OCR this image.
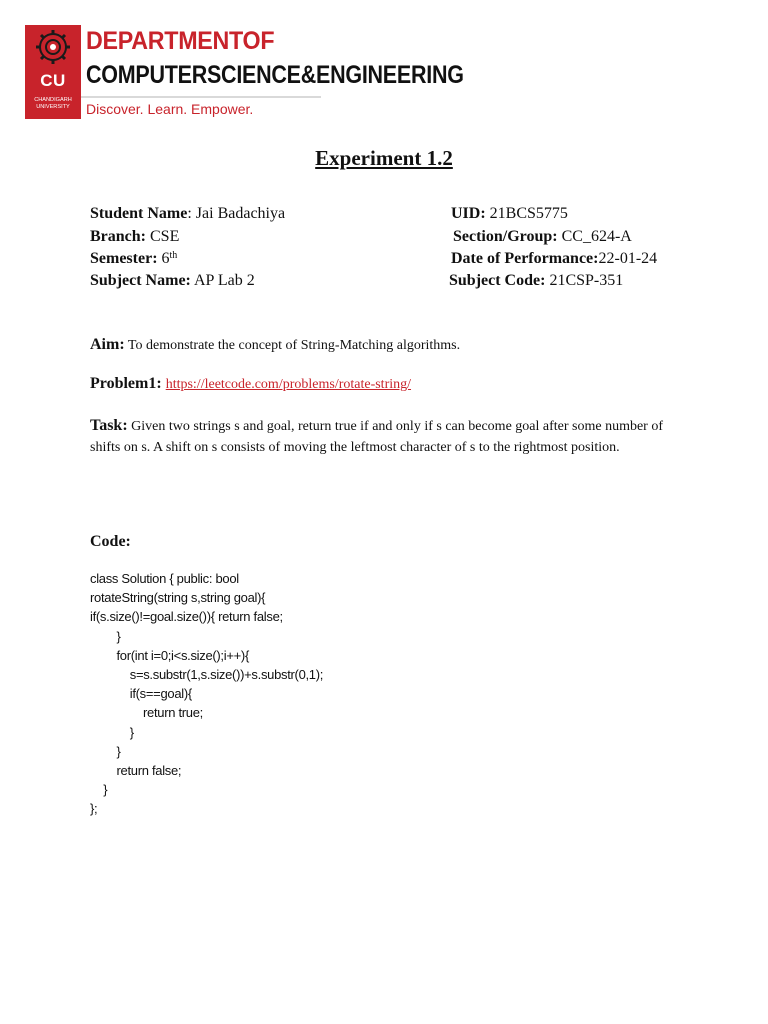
CU
CHANDIGARH UNIVERSITY
DEPARTMENTOF
COMPUTERSCIENCE&ENGINEERING
Discover. Learn. Empower.
Experiment 1.2
Student Name: Jai Badachiya	UID: 21BCS5775
Branch: CSE	Section/Group: CC_624-A
Semester: 6th	Date of Performance:22-01-24
Subject Name: AP Lab 2	Subject Code: 21CSP-351
Aim: To demonstrate the concept of String-Matching algorithms.
Problem1: https://leetcode.com/problems/rotate-string/
Task: Given two strings s and goal, return true if and only if s can become goal after some number of shifts on s. A shift on s consists of moving the leftmost character of s to the rightmost position.
Code:
class Solution { public: bool
rotateString(string s,string goal){
if(s.size()!=goal.size()){ return false;
}
for(int i=0;i<s.size();i++){
s=s.substr(1,s.size())+s.substr(0,1);
if(s==goal){
return true;
}
}
return false;
}
};
